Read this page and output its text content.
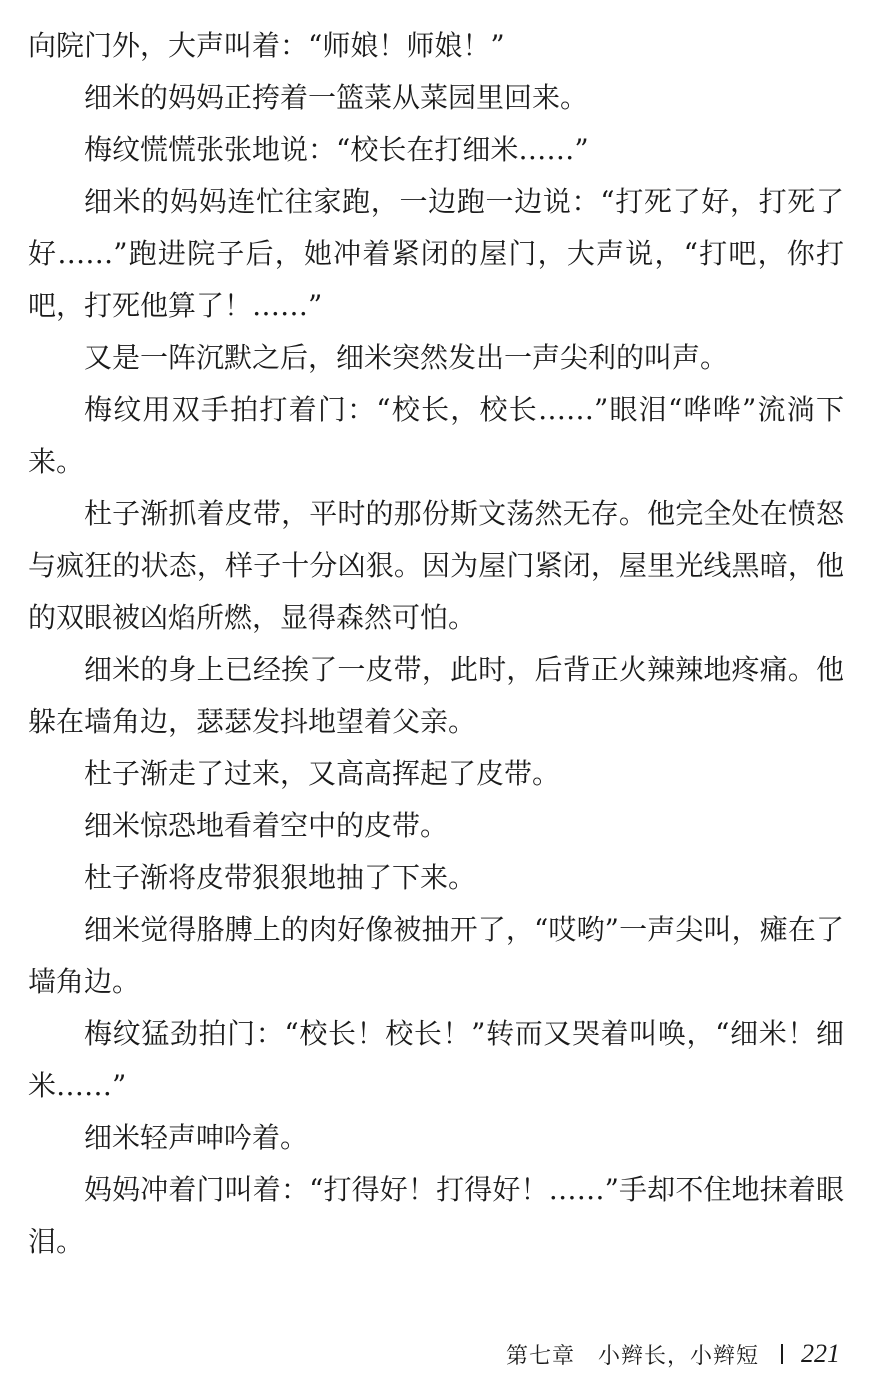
向院门外，大声叫着：“师娘！师娘！”

细米的妈妈正挎着一篮菜从菜园里回来。

梅纹慌慌张张地说：“校长在打细米……”

细米的妈妈连忙往家跑，一边跑一边说：“打死了好，打死了好……”跑进院子后，她冲着紧闭的屋门，大声说，“打吧，你打吧，打死他算了！……”

又是一阵沉默之后，细米突然发出一声尖利的叫声。

梅纹用双手拍打着门：“校长，校长……”眼泪“哗哗”流淌下来。

杜子渐抓着皮带，平时的那份斯文荡然无存。他完全处在愤怒与疯狂的状态，样子十分凶狠。因为屋门紧闭，屋里光线黑暗，他的双眼被凶焰所燃，显得森然可怕。

细米的身上已经挨了一皮带，此时，后背正火辣辣地疼痛。他躲在墙角边，瑟瑟发抖地望着父亲。

杜子渐走了过来，又高高挥起了皮带。

细米惊恐地看着空中的皮带。

杜子渐将皮带狠狠地抽了下来。

细米觉得胳膊上的肉好像被抽开了，“哎哟”一声尖叫，瘫在了墙角边。

梅纹猛劲拍门：“校长！校长！”转而又哭着叫唤，“细米！细米……”

细米轻声呻吟着。

妈妈冲着门叫着：“打得好！打得好！……”手却不住地抹着眼泪。

第七章　小辫长，小辫短 221
